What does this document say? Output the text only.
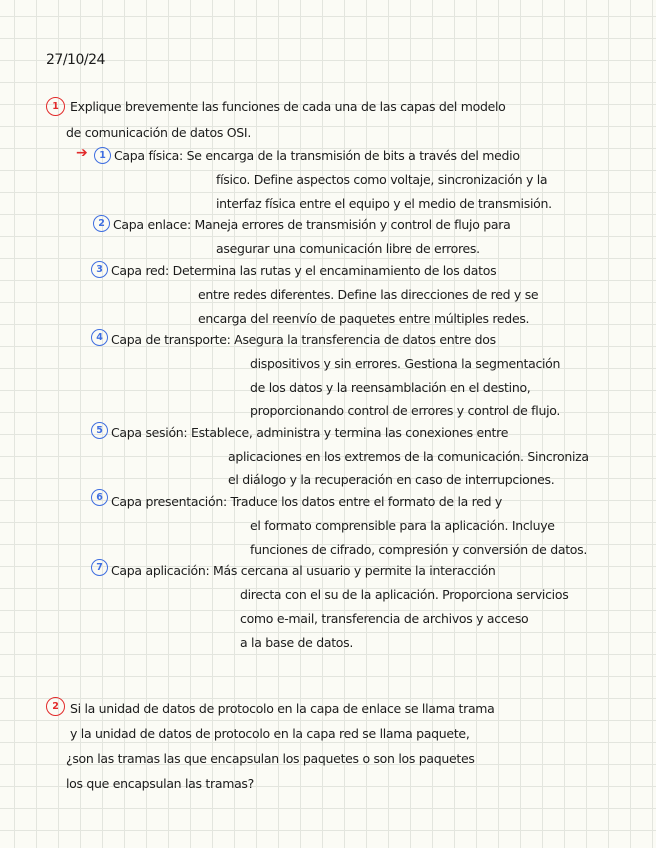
27/10/24
1 Explique brevemente las funciones de cada una de las capas del modelo
de comunicación de datos OSI.
➔	1 Capa física: Se encarga de la transmisión de bits a través del medio
físico. Define aspectos como voltaje, sincronización y la
interfaz física entre el equipo y el medio de transmisión.
2 Capa enlace: Maneja errores de transmisión y control de flujo para
asegurar una comunicación libre de errores.
3 Capa red: Determina las rutas y el encaminamiento de los datos
entre redes diferentes. Define las direcciones de red y se
encarga del reenvío de paquetes entre múltiples redes.
4 Capa de transporte: Asegura la transferencia de datos entre dos
dispositivos y sin errores. Gestiona la segmentación
de los datos y la reensamblación en el destino,
proporcionando control de errores y control de flujo.
5 Capa sesión: Establece, administra y termina las conexiones entre
aplicaciones en los extremos de la comunicación. Sincroniza
el diálogo y la recuperación en caso de interrupciones.
6 Capa presentación: Traduce los datos entre el formato de la red y
el formato comprensible para la aplicación. Incluye
funciones de cifrado, compresión y conversión de datos.
7 Capa aplicación: Más cercana al usuario y permite la interacción
directa con el su de la aplicación. Proporciona servicios
como e-mail, transferencia de archivos y acceso
a la base de datos.
2 Si la unidad de datos de protocolo en la capa de enlace se llama trama
y la unidad de datos de protocolo en la capa red se llama paquete,
¿son las tramas las que encapsulan los paquetes o son los paquetes
los que encapsulan las tramas?
